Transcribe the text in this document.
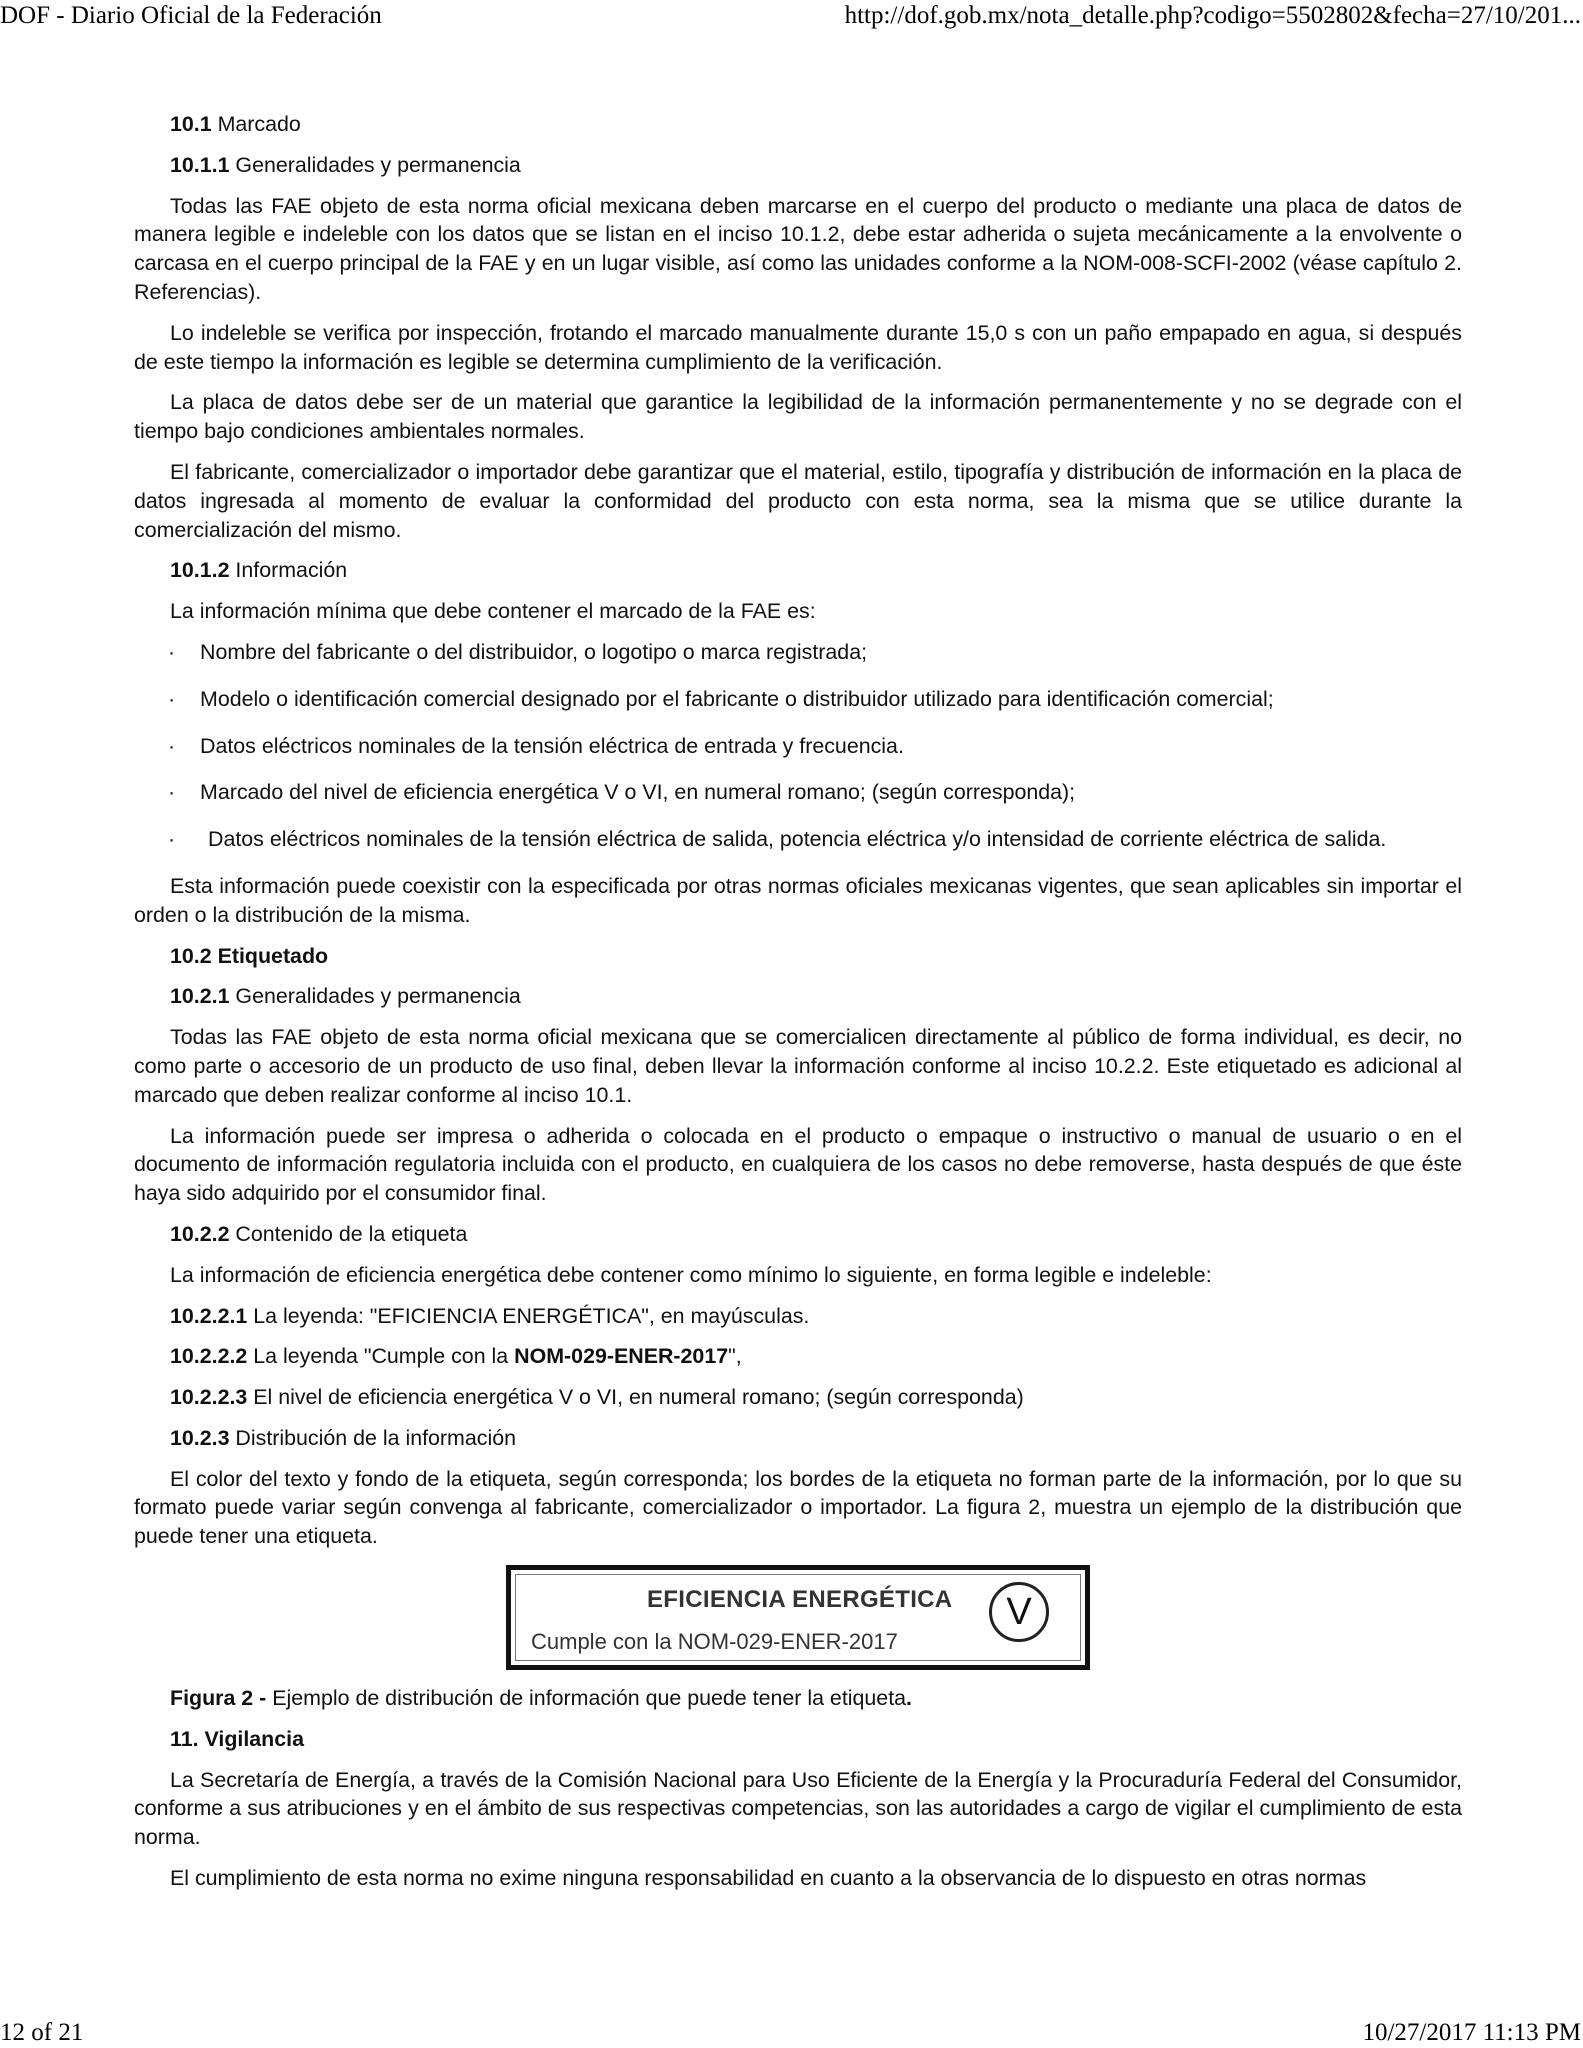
DOF - Diario Oficial de la Federación	http://dof.gob.mx/nota_detalle.php?codigo=5502802&fecha=27/10/201...

10.1 Marcado

10.1.1 Generalidades y permanencia

Todas las FAE objeto de esta norma oficial mexicana deben marcarse en el cuerpo del producto o mediante una placa de datos de manera legible e indeleble con los datos que se listan en el inciso 10.1.2, debe estar adherida o sujeta mecánicamente a la envolvente o carcasa en el cuerpo principal de la FAE y en un lugar visible, así como las unidades conforme a la NOM-008-SCFI-2002 (véase capítulo 2. Referencias).

Lo indeleble se verifica por inspección, frotando el marcado manualmente durante 15,0 s con un paño empapado en agua, si después de este tiempo la información es legible se determina cumplimiento de la verificación.

La placa de datos debe ser de un material que garantice la legibilidad de la información permanentemente y no se degrade con el tiempo bajo condiciones ambientales normales.

El fabricante, comercializador o importador debe garantizar que el material, estilo, tipografía y distribución de información en la placa de datos ingresada al momento de evaluar la conformidad del producto con esta norma, sea la misma que se utilice durante la comercialización del mismo.

10.1.2 Información

La información mínima que debe contener el marcado de la FAE es:

· Nombre del fabricante o del distribuidor, o logotipo o marca registrada;
· Modelo o identificación comercial designado por el fabricante o distribuidor utilizado para identificación comercial;
· Datos eléctricos nominales de la tensión eléctrica de entrada y frecuencia.
· Marcado del nivel de eficiencia energética V o VI, en numeral romano; (según corresponda);
· Datos eléctricos nominales de la tensión eléctrica de salida, potencia eléctrica y/o intensidad de corriente eléctrica de salida.

Esta información puede coexistir con la especificada por otras normas oficiales mexicanas vigentes, que sean aplicables sin importar el orden o la distribución de la misma.

10.2 Etiquetado

10.2.1 Generalidades y permanencia

Todas las FAE objeto de esta norma oficial mexicana que se comercialicen directamente al público de forma individual, es decir, no como parte o accesorio de un producto de uso final, deben llevar la información conforme al inciso 10.2.2. Este etiquetado es adicional al marcado que deben realizar conforme al inciso 10.1.

La información puede ser impresa o adherida o colocada en el producto o empaque o instructivo o manual de usuario o en el documento de información regulatoria incluida con el producto, en cualquiera de los casos no debe removerse, hasta después de que éste haya sido adquirido por el consumidor final.

10.2.2 Contenido de la etiqueta

La información de eficiencia energética debe contener como mínimo lo siguiente, en forma legible e indeleble:

10.2.2.1 La leyenda: "EFICIENCIA ENERGÉTICA", en mayúsculas.

10.2.2.2 La leyenda "Cumple con la NOM-029-ENER-2017",

10.2.2.3 El nivel de eficiencia energética V o VI, en numeral romano; (según corresponda)

10.2.3 Distribución de la información

El color del texto y fondo de la etiqueta, según corresponda; los bordes de la etiqueta no forman parte de la información, por lo que su formato puede variar según convenga al fabricante, comercializador o importador. La figura 2, muestra un ejemplo de la distribución que puede tener una etiqueta.

EFICIENCIA ENERGÉTICA
Cumple con la NOM-029-ENER-2017
V

Figura 2 - Ejemplo de distribución de información que puede tener la etiqueta.

11. Vigilancia

La Secretaría de Energía, a través de la Comisión Nacional para Uso Eficiente de la Energía y la Procuraduría Federal del Consumidor, conforme a sus atribuciones y en el ámbito de sus respectivas competencias, son las autoridades a cargo de vigilar el cumplimiento de esta norma.

El cumplimiento de esta norma no exime ninguna responsabilidad en cuanto a la observancia de lo dispuesto en otras normas

12 of 21	10/27/2017 11:13 PM
